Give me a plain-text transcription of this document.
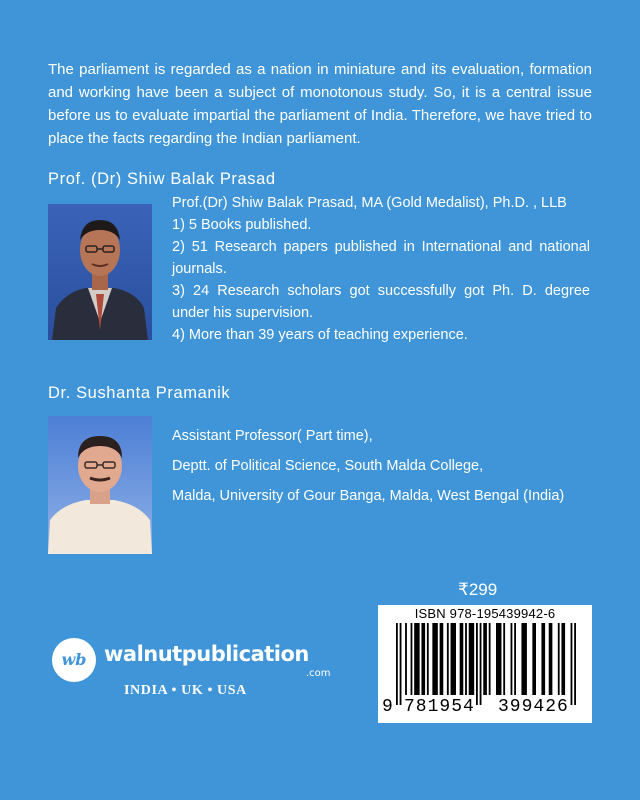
The parliament is regarded as a nation in miniature and its evaluation, formation and working have been a subject of monotonous study. So, it is a central issue before us to evaluate impartial the parliament of India. Therefore, we have tried to place the facts regarding the Indian parliament.

Prof. (Dr) Shiw Balak Prasad
Prof.(Dr) Shiw Balak Prasad, MA (Gold Medalist), Ph.D. , LLB
1) 5 Books published.
2) 51 Research papers published in International and national journals.
3) 24 Research scholars got successfully got Ph. D. degree under his supervision.
4) More than 39 years of teaching experience.
Dr. Sushanta Pramanik
Assistant Professor( Part time),
Deptt. of Political Science, South Malda College,
Malda, University of Gour Banga, Malda, West Bengal (India)
₹299
ISBN 978-195439942-6
9 781954 399426
wb walnutpublication
.com
INDIA • UK • USA
